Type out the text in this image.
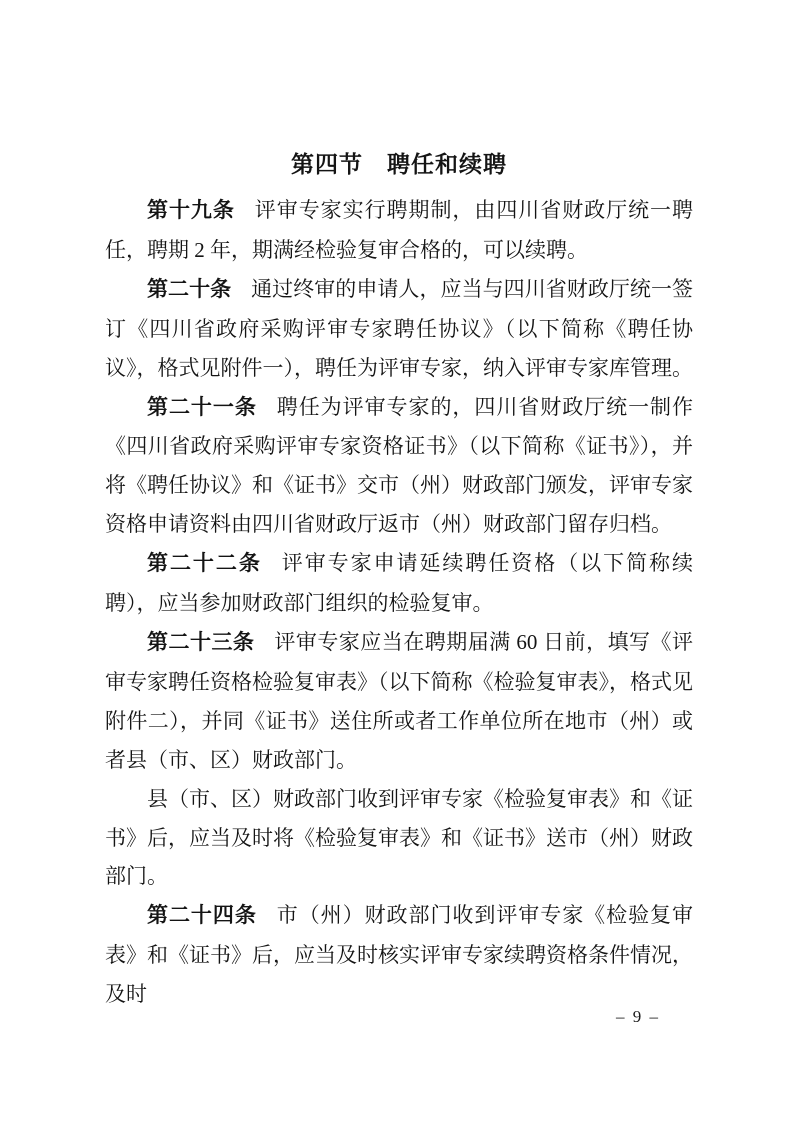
第四节　聘任和续聘

第十九条 评审专家实行聘期制，由四川省财政厅统一聘任，聘期 2 年，期满经检验复审合格的，可以续聘。

第二十条 通过终审的申请人，应当与四川省财政厅统一签订《四川省政府采购评审专家聘任协议》（以下简称《聘任协议》，格式见附件一），聘任为评审专家，纳入评审专家库管理。

第二十一条 聘任为评审专家的，四川省财政厅统一制作《四川省政府采购评审专家资格证书》（以下简称《证书》），并将《聘任协议》和《证书》交市（州）财政部门颁发，评审专家资格申请资料由四川省财政厅返市（州）财政部门留存归档。

第二十二条 评审专家申请延续聘任资格（以下简称续聘），应当参加财政部门组织的检验复审。

第二十三条 评审专家应当在聘期届满 60 日前，填写《评审专家聘任资格检验复审表》（以下简称《检验复审表》，格式见附件二），并同《证书》送住所或者工作单位所在地市（州）或者县（市、区）财政部门。

县（市、区）财政部门收到评审专家《检验复审表》和《证书》后，应当及时将《检验复审表》和《证书》送市（州）财政部门。

第二十四条 市（州）财政部门收到评审专家《检验复审表》和《证书》后，应当及时核实评审专家续聘资格条件情况，及时

– 9 –
